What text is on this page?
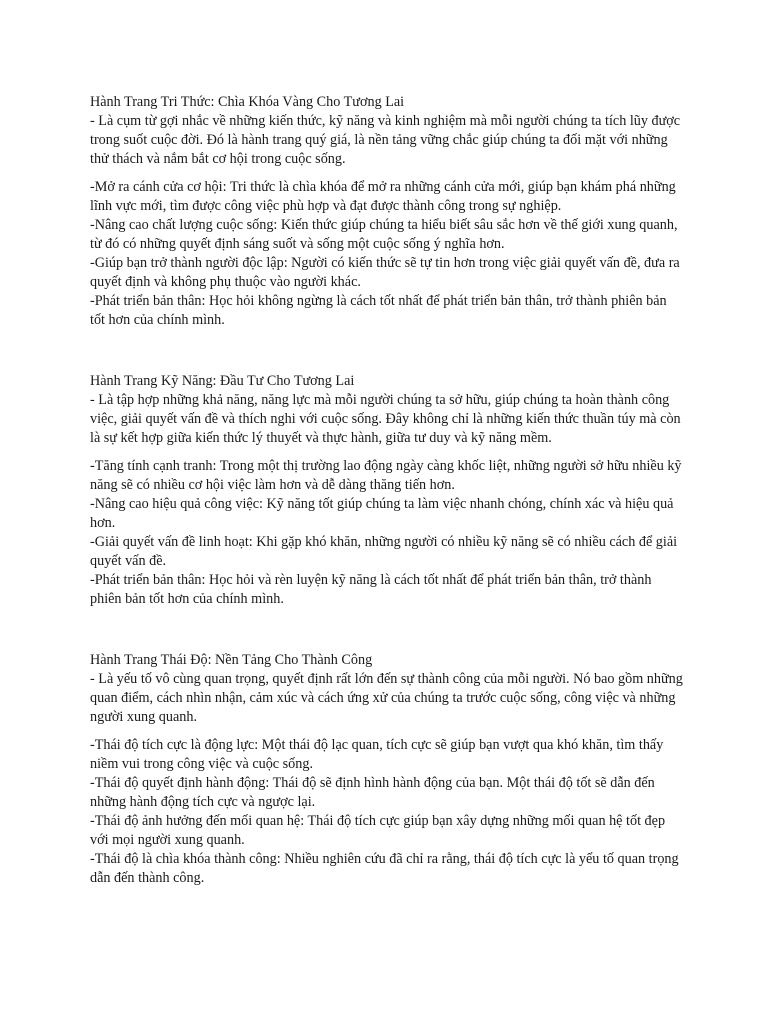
Hành Trang Tri Thức: Chìa Khóa Vàng Cho Tương Lai

- Là cụm từ gợi nhắc về những kiến thức, kỹ năng và kinh nghiệm mà mỗi người chúng ta tích lũy được trong suốt cuộc đời. Đó là hành trang quý giá, là nền tảng vững chắc giúp chúng ta đối mặt với những thử thách và nắm bắt cơ hội trong cuộc sống.

-Mở ra cánh cửa cơ hội: Tri thức là chìa khóa để mở ra những cánh cửa mới, giúp bạn khám phá những lĩnh vực mới, tìm được công việc phù hợp và đạt được thành công trong sự nghiệp.

-Nâng cao chất lượng cuộc sống: Kiến thức giúp chúng ta hiểu biết sâu sắc hơn về thế giới xung quanh, từ đó có những quyết định sáng suốt và sống một cuộc sống ý nghĩa hơn.

-Giúp bạn trở thành người độc lập: Người có kiến thức sẽ tự tin hơn trong việc giải quyết vấn đề, đưa ra quyết định và không phụ thuộc vào người khác.

-Phát triển bản thân: Học hỏi không ngừng là cách tốt nhất để phát triển bản thân, trở thành phiên bản tốt hơn của chính mình.

Hành Trang Kỹ Năng: Đầu Tư Cho Tương Lai

- Là tập hợp những khả năng, năng lực mà mỗi người chúng ta sở hữu, giúp chúng ta hoàn thành công việc, giải quyết vấn đề và thích nghi với cuộc sống. Đây không chỉ là những kiến thức thuần túy mà còn là sự kết hợp giữa kiến thức lý thuyết và thực hành, giữa tư duy và kỹ năng mềm.

-Tăng tính cạnh tranh: Trong một thị trường lao động ngày càng khốc liệt, những người sở hữu nhiều kỹ năng sẽ có nhiều cơ hội việc làm hơn và dễ dàng thăng tiến hơn.

-Nâng cao hiệu quả công việc: Kỹ năng tốt giúp chúng ta làm việc nhanh chóng, chính xác và hiệu quả hơn.

-Giải quyết vấn đề linh hoạt: Khi gặp khó khăn, những người có nhiều kỹ năng sẽ có nhiều cách để giải quyết vấn đề.

-Phát triển bản thân: Học hỏi và rèn luyện kỹ năng là cách tốt nhất để phát triển bản thân, trở thành phiên bản tốt hơn của chính mình.

Hành Trang Thái Độ: Nền Tảng Cho Thành Công

- Là yếu tố vô cùng quan trọng, quyết định rất lớn đến sự thành công của mỗi người. Nó bao gồm những quan điểm, cách nhìn nhận, cảm xúc và cách ứng xử của chúng ta trước cuộc sống, công việc và những người xung quanh.

-Thái độ tích cực là động lực: Một thái độ lạc quan, tích cực sẽ giúp bạn vượt qua khó khăn, tìm thấy niềm vui trong công việc và cuộc sống.

-Thái độ quyết định hành động: Thái độ sẽ định hình hành động của bạn. Một thái độ tốt sẽ dẫn đến những hành động tích cực và ngược lại.

-Thái độ ảnh hưởng đến mối quan hệ: Thái độ tích cực giúp bạn xây dựng những mối quan hệ tốt đẹp với mọi người xung quanh.

-Thái độ là chìa khóa thành công: Nhiều nghiên cứu đã chỉ ra rằng, thái độ tích cực là yếu tố quan trọng dẫn đến thành công.
